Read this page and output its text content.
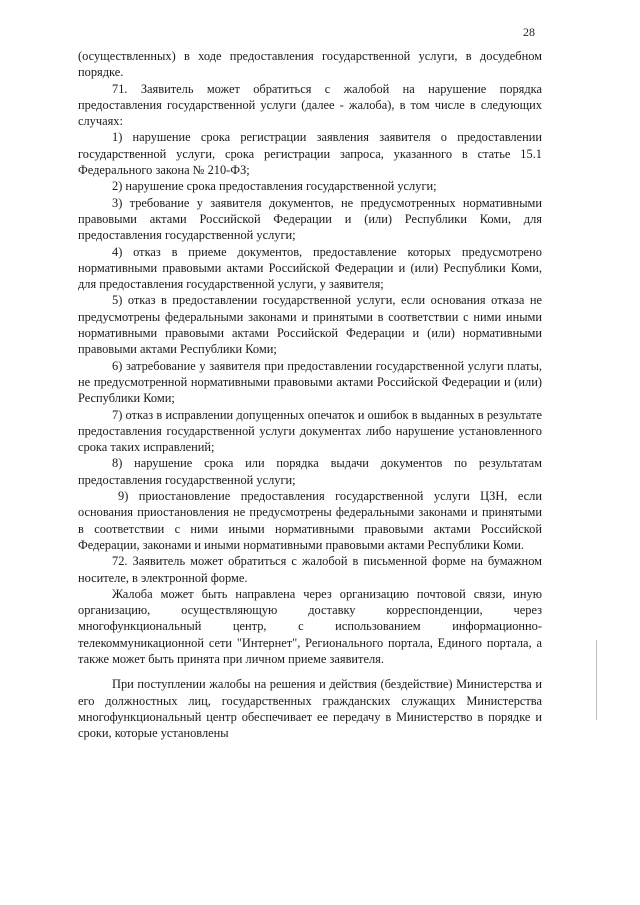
28

(осуществленных) в ходе предоставления государственной услуги, в досудебном порядке.

71. Заявитель может обратиться с жалобой на нарушение порядка предоставления государственной услуги (далее - жалоба), в том числе в следующих случаях:

1) нарушение срока регистрации заявления заявителя о предоставлении государственной услуги, срока регистрации запроса, указанного в статье 15.1 Федерального закона № 210-ФЗ;

2) нарушение срока предоставления государственной услуги;

3) требование у заявителя документов, не предусмотренных нормативными правовыми актами Российской Федерации и (или) Республики Коми, для предоставления государственной услуги;

4) отказ в приеме документов, предоставление которых предусмотрено нормативными правовыми актами Российской Федерации и (или) Республики Коми, для предоставления государственной услуги, у заявителя;

5) отказ в предоставлении государственной услуги, если основания отказа не предусмотрены федеральными законами и принятыми в соответствии с ними иными нормативными правовыми актами Российской Федерации и (или) нормативными правовыми актами Республики Коми;

6) затребование у заявителя при предоставлении государственной услуги платы, не предусмотренной нормативными правовыми актами Российской Федерации и (или) Республики Коми;

7) отказ в исправлении допущенных опечаток и ошибок в выданных в результате предоставления государственной услуги документах либо нарушение установленного срока таких исправлений;

8) нарушение срока или порядка выдачи документов по результатам предоставления государственной услуги;

9) приостановление предоставления государственной услуги ЦЗН, если основания приостановления не предусмотрены федеральными законами и принятыми в соответствии с ними иными нормативными правовыми актами Российской Федерации, законами и иными нормативными правовыми актами Республики Коми.

72. Заявитель может обратиться с жалобой в письменной форме на бумажном носителе, в электронной форме.

Жалоба может быть направлена через организацию почтовой связи, иную организацию, осуществляющую доставку корреспонденции, через многофункциональный центр, с использованием информационно-телекоммуникационной сети "Интернет", Регионального портала, Единого портала, а также может быть принята при личном приеме заявителя.

При поступлении жалобы на решения и действия (бездействие) Министерства и его должностных лиц, государственных гражданских служащих Министерства многофункциональный центр обеспечивает ее передачу в Министерство в порядке и сроки, которые установлены
